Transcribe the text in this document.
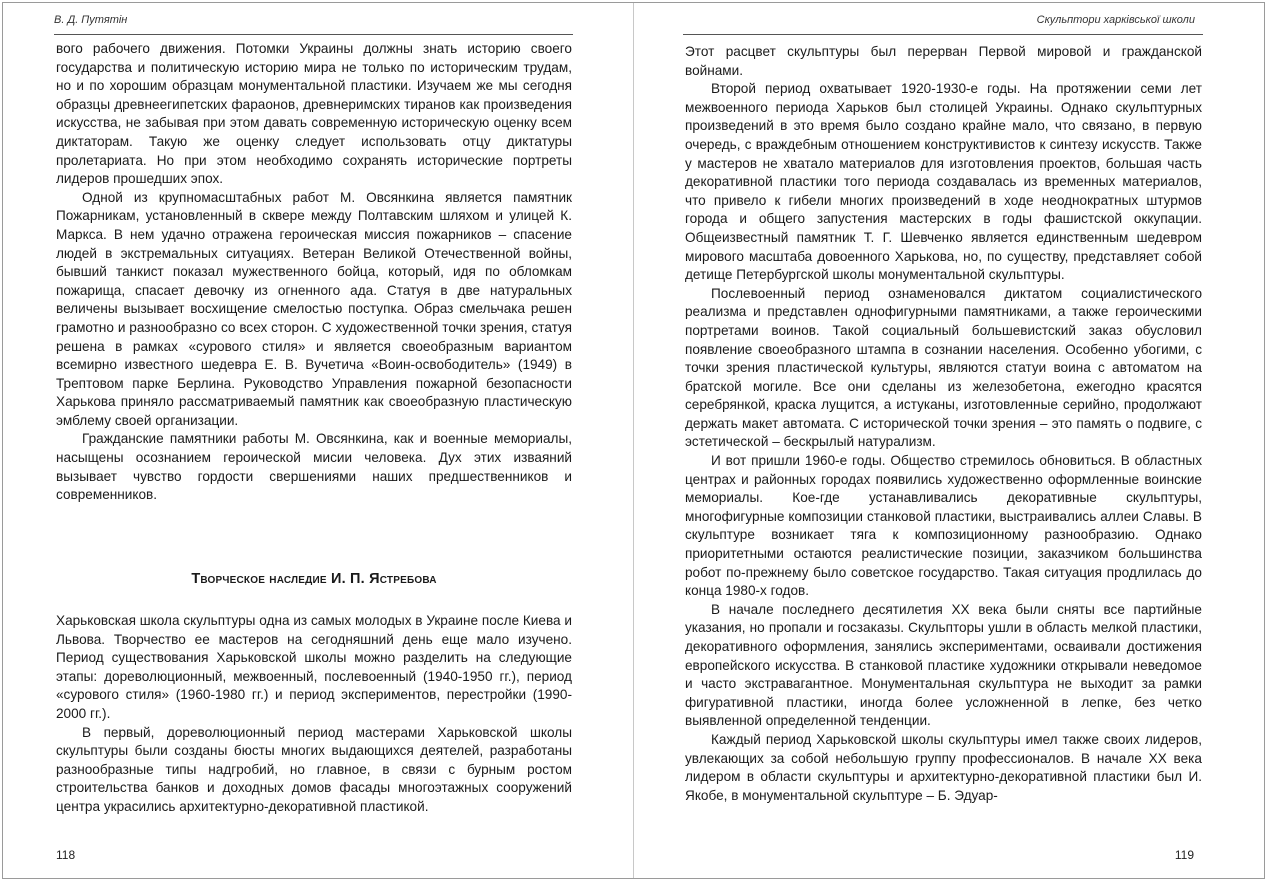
В. Д. Путятін

вого рабочего движения. Потомки Украины должны знать историю своего государства и политическую историю мира не только по историческим трудам, но и по хорошим образцам монументальной пластики. Изучаем же мы сегодня образцы древнеегипетских фараонов, древнеримских тиранов как произведения искусства, не забывая при этом давать современную историческую оценку всем диктаторам. Такую же оценку следует использовать отцу диктатуры пролетариата. Но при этом необходимо сохранять исторические портреты лидеров прошедших эпох.

Одной из крупномасштабных работ М. Овсянкина является памятник Пожарникам, установленный в сквере между Полтавским шляхом и улицей К. Маркса. В нем удачно отражена героическая миссия пожарников – спасение людей в экстремальных ситуациях. Ветеран Великой Отечественной войны, бывший танкист показал мужественного бойца, который, идя по обломкам пожарища, спасает девочку из огненного ада. Статуя в две натуральных величены вызывает восхищение смелостью поступка. Образ смельчака решен грамотно и разнообразно со всех сторон. С художественной точки зрения, статуя решена в рамках «сурового стиля» и является своеобразным вариантом всемирно известного шедевра Е. В. Вучетича «Воин-освободитель» (1949) в Трептовом парке Берлина. Руководство Управления пожарной безопасности Харькова приняло рассматриваемый памятник как своеобразную пластическую эмблему своей организации.

Гражданские памятники работы М. Овсянкина, как и военные мемориалы, насыщены осознанием героической мисии человека. Дух этих изваяний вызывает чувство гордости свершениями наших предшественников и современников.

Творческое наследие И. П. Ястребова

Харьковская школа скульптуры одна из самых молодых в Украине после Киева и Львова. Творчество ее мастеров на сегодняшний день еще мало изучено. Период существования Харьковской школы можно разделить на следующие этапы: дореволюционный, межвоенный, послевоенный (1940-1950 гг.), период «сурового стиля» (1960-1980 гг.) и период экспериментов, перестройки (1990-2000 гг.).

В первый, дореволюционный период мастерами Харьковской школы скульптуры были созданы бюсты многих выдающихся деятелей, разработаны разнообразные типы надгробий, но главное, в связи с бурным ростом строительства банков и доходных домов фасады многоэтажных сооружений центра украсились архитектурно-декоративной пластикой.

118
Скульптори харківської школи

Этот расцвет скульптуры был перерван Первой мировой и гражданской войнами.

Второй период охватывает 1920-1930-е годы. На протяжении семи лет межвоенного периода Харьков был столицей Украины. Однако скульптурных произведений в это время было создано крайне мало, что связано, в первую очередь, с враждебным отношением конструктивистов к синтезу искусств. Также у мастеров не хватало материалов для изготовления проектов, большая часть декоративной пластики того периода создавалась из временных материалов, что привело к гибели многих произведений в ходе неоднократных штурмов города и общего запустения мастерских в годы фашистской оккупации. Общеизвестный памятник Т. Г. Шевченко является единственным шедевром мирового масштаба довоенного Харькова, но, по существу, представляет собой детище Петербургской школы монументальной скульптуры.

Послевоенный период ознаменовался диктатом социалистического реализма и представлен однофигурными памятниками, а также героическими портретами воинов. Такой социальный большевистский заказ обусловил появление своеобразного штампа в сознании населения. Особенно убогими, с точки зрения пластической культуры, являются статуи воина с автоматом на братской могиле. Все они сделаны из железобетона, ежегодно красятся серебрянкой, краска лущится, а истуканы, изготовленные серийно, продолжают держать макет автомата. С исторической точки зрения – это память о подвиге, с эстетической – бескрылый натурализм.

И вот пришли 1960-е годы. Общество стремилось обновиться. В областных центрах и районных городах появились художественно оформленные воинские мемориалы. Кое-где устанавливались декоративные скульптуры, многофигурные композиции станковой пластики, выстраивались аллеи Славы. В скульптуре возникает тяга к композиционному разнообразию. Однако приоритетными остаются реалистические позиции, заказчиком большинства робот по-прежнему было советское государство. Такая ситуация продлилась до конца 1980-х годов.

В начале последнего десятилетия XX века были сняты все партийные указания, но пропали и госзаказы. Скульпторы ушли в область мелкой пластики, декоративного оформления, занялись экспериментами, осваивали достижения европейского искусства. В станковой пластике художники открывали неведомое и часто экстравагантное. Монументальная скульптура не выходит за рамки фигуративной пластики, иногда более усложненной в лепке, без четко выявленной определенной тенденции.

Каждый период Харьковской школы скульптуры имел также своих лидеров, увлекающих за собой небольшую группу профессионалов. В начале XX века лидером в области скульптуры и архитектурно-декоративной пластики был И. Якобе, в монументальной скульптуре – Б. Эдуар-

119
